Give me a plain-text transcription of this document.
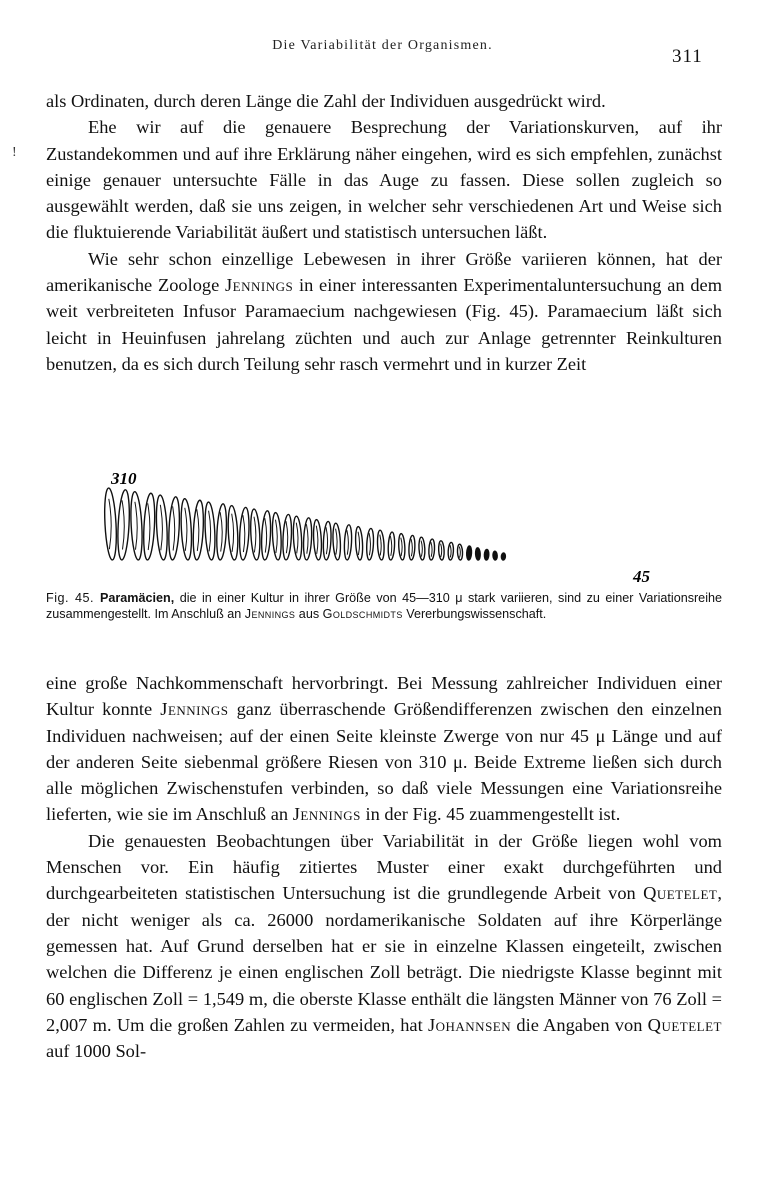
Die Variabilität der Organismen.
311
!

als Ordinaten, durch deren Länge die Zahl der Individuen ausgedrückt wird.

Ehe wir auf die genauere Besprechung der Variationskurven, auf ihr Zustandekommen und auf ihre Erklärung näher eingehen, wird es sich empfehlen, zunächst einige genauer untersuchte Fälle in das Auge zu fassen. Diese sollen zugleich so ausgewählt werden, daß sie uns zeigen, in welcher sehr verschiedenen Art und Weise sich die fluktuierende Variabilität äußert und statistisch untersuchen läßt.

Wie sehr schon einzellige Lebewesen in ihrer Größe variieren können, hat der amerikanische Zoologe Jennings in einer interessanten Experimentaluntersuchung an dem weit verbreiteten Infusor Paramaecium nachgewiesen (Fig. 45). Paramaecium läßt sich leicht in Heuinfusen jahrelang züchten und auch zur Anlage getrennter Reinkulturen benutzen, da es sich durch Teilung sehr rasch vermehrt und in kurzer Zeit

310
45
Fig. 45. Paramäcien, die in einer Kultur in ihrer Größe von 45—310 μ stark variieren, sind zu einer Variationsreihe zusammengestellt. Im Anschluß an Jennings aus Goldschmidts Vererbungswissenschaft.

eine große Nachkommenschaft hervorbringt. Bei Messung zahlreicher Individuen einer Kultur konnte Jennings ganz überraschende Größendifferenzen zwischen den einzelnen Individuen nachweisen; auf der einen Seite kleinste Zwerge von nur 45 μ Länge und auf der anderen Seite siebenmal größere Riesen von 310 μ. Beide Extreme ließen sich durch alle möglichen Zwischenstufen verbinden, so daß viele Messungen eine Variationsreihe lieferten, wie sie im Anschluß an Jennings in der Fig. 45 zuammengestellt ist.

Die genauesten Beobachtungen über Variabilität in der Größe liegen wohl vom Menschen vor. Ein häufig zitiertes Muster einer exakt durchgeführten und durchgearbeiteten statistischen Untersuchung ist die grundlegende Arbeit von Quetelet, der nicht weniger als ca. 26000 nordamerikanische Soldaten auf ihre Körperlänge gemessen hat. Auf Grund derselben hat er sie in einzelne Klassen eingeteilt, zwischen welchen die Differenz je einen englischen Zoll beträgt. Die niedrigste Klasse beginnt mit 60 englischen Zoll = 1,549 m, die oberste Klasse enthält die längsten Männer von 76 Zoll = 2,007 m. Um die großen Zahlen zu vermeiden, hat Johannsen die Angaben von Quetelet auf 1000 Sol-
